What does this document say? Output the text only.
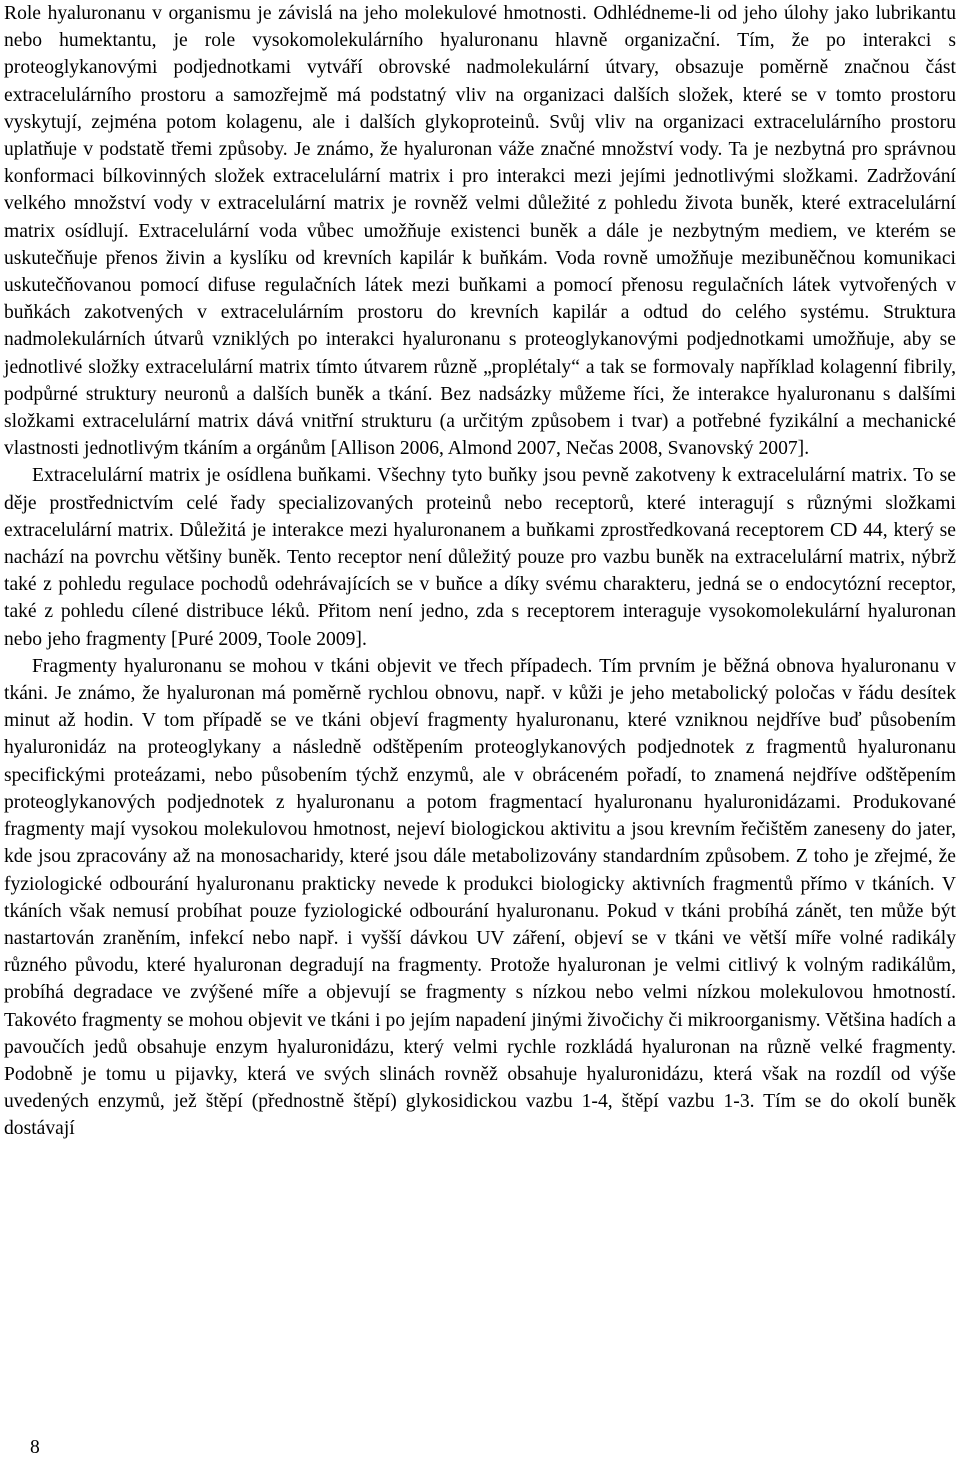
Role hyaluronanu v organismu je závislá na jeho molekulové hmotnosti. Odhlédneme-li od jeho úlohy jako lubrikantu nebo humektantu, je role vysokomolekulárního hyaluronanu hlavně organizační. Tím, že po interakci s proteoglykanovými podjednotkami vytváří obrovské nadmolekulární útvary, obsazuje poměrně značnou část extracelulárního prostoru a samozřejmě má podstatný vliv na organizaci dalších složek, které se v tomto prostoru vyskytují, zejména potom kolagenu, ale i dalších glykoproteinů. Svůj vliv na organizaci extracelulárního prostoru uplatňuje v podstatě třemi způsoby. Je známo, že hyaluronan váže značné množství vody. Ta je nezbytná pro správnou konformaci bílkovinných složek extracelulární matrix i pro interakci mezi jejími jednotlivými složkami. Zadržování velkého množství vody v extracelulární matrix je rovněž velmi důležité z pohledu života buněk, které extracelulární matrix osídlují. Extracelulární voda vůbec umožňuje existenci buněk a dále je nezbytným mediem, ve kterém se uskutečňuje přenos živin a kyslíku od krevních kapilár k buňkám. Voda rovně umožňuje mezibuněčnou komunikaci uskutečňovanou pomocí difuse regulačních látek mezi buňkami a pomocí přenosu regulačních látek vytvořených v buňkách zakotvených v extracelulárním prostoru do krevních kapilár a odtud do celého systému. Struktura nadmolekulárních útvarů vzniklých po interakci hyaluronanu s proteoglykanovými podjednotkami umožňuje, aby se jednotlivé složky extracelulární matrix tímto útvarem různě „proplétaly“ a tak se formovaly například kolagenní fibrily, podpůrné struktury neuronů a dalších buněk a tkání. Bez nadsázky můžeme říci, že interakce hyaluronanu s dalšími složkami extracelulární matrix dává vnitřní strukturu (a určitým způsobem i tvar) a potřebné fyzikální a mechanické vlastnosti jednotlivým tkáním a orgánům [Allison 2006, Almond 2007, Nečas 2008, Svanovský 2007].

Extracelulární matrix je osídlena buňkami. Všechny tyto buňky jsou pevně zakotveny k extracelulární matrix. To se děje prostřednictvím celé řady specializovaných proteinů nebo receptorů, které interagují s různými složkami extracelulární matrix. Důležitá je interakce mezi hyaluronanem a buňkami zprostředkovaná receptorem CD 44, který se nachází na povrchu většiny buněk. Tento receptor není důležitý pouze pro vazbu buněk na extracelulární matrix, nýbrž také z pohledu regulace pochodů odehrávajících se v buňce a díky svému charakteru, jedná se o endocytózní receptor, také z pohledu cílené distribuce léků. Přitom není jedno, zda s receptorem interaguje vysokomolekulární hyaluronan nebo jeho fragmenty [Puré 2009, Toole 2009].

Fragmenty hyaluronanu se mohou v tkáni objevit ve třech případech. Tím prvním je běžná obnova hyaluronanu v tkáni. Je známo, že hyaluronan má poměrně rychlou obnovu, např. v kůži je jeho metabolický poločas v řádu desítek minut až hodin. V tom případě se ve tkáni objeví fragmenty hyaluronanu, které vzniknou nejdříve buď působením hyaluronidáz na proteoglykany a následně odštěpením proteoglykanových podjednotek z fragmentů hyaluronanu specifickými proteázami, nebo působením týchž enzymů, ale v obráceném pořadí, to znamená nejdříve odštěpením proteoglykanových podjednotek z hyaluronanu a potom fragmentací hyaluronanu hyaluronidázami. Produkované fragmenty mají vysokou molekulovou hmotnost, nejeví biologickou aktivitu a jsou krevním řečištěm zaneseny do jater, kde jsou zpracovány až na monosacharidy, které jsou dále metabolizovány standardním způsobem. Z toho je zřejmé, že fyziologické odbourání hyaluronanu prakticky nevede k produkci biologicky aktivních fragmentů přímo v tkáních. V tkáních však nemusí probíhat pouze fyziologické odbourání hyaluronanu. Pokud v tkáni probíhá zánět, ten může být nastartován zraněním, infekcí nebo např. i vyšší dávkou UV záření, objeví se v tkáni ve větší míře volné radikály různého původu, které hyaluronan degradují na fragmenty. Protože hyaluronan je velmi citlivý k volným radikálům, probíhá degradace ve zvýšené míře a objevují se fragmenty s nízkou nebo velmi nízkou molekulovou hmotností. Takovéto fragmenty se mohou objevit ve tkáni i po jejím napadení jinými živočichy či mikroorganismy. Většina hadích a pavoučích jedů obsahuje enzym hyaluronidázu, který velmi rychle rozkládá hyaluronan na různě velké fragmenty. Podobně je tomu u pijavky, která ve svých slinách rovněž obsahuje hyaluronidázu, která však na rozdíl od výše uvedených enzymů, jež štěpí (přednostně štěpí) glykosidickou vazbu 1-4, štěpí vazbu 1-3. Tím se do okolí buněk dostávají

8
